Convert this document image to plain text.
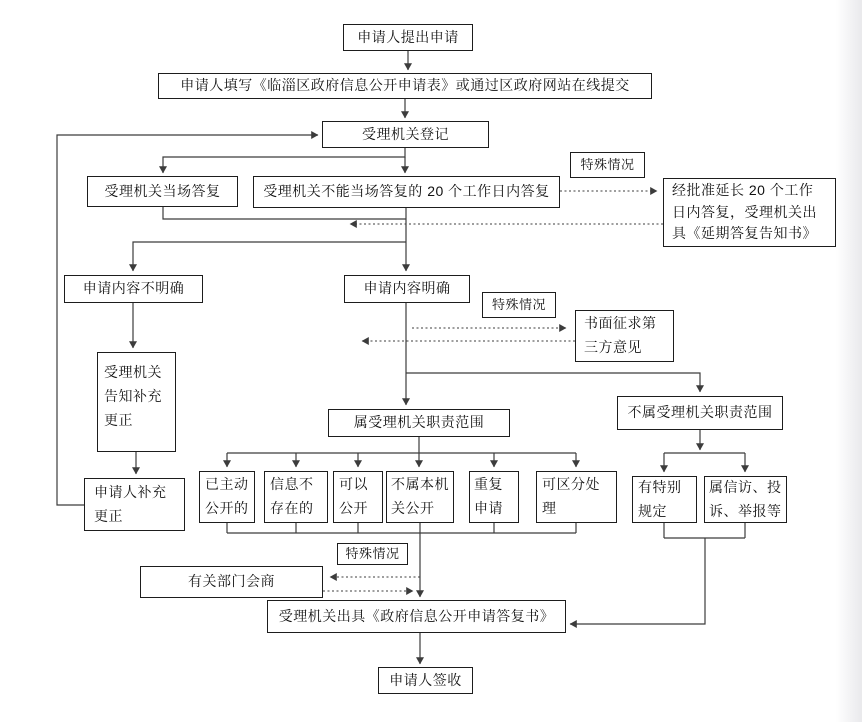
申请人提出申请
申请人填写《临淄区政府信息公开申请表》或通过区政府网站在线提交
受理机关登记
受理机关当场答复	受理机关不能当场答复的 20 个工作日内答复
特殊情况
经批准延长 20 个工作日内答复，受理机关出具《延期答复告知书》
申请内容不明确	申请内容明确
特殊情况
书面征求第三方意见
受理机关告知补充更正
申请人补充更正
属受理机关职责范围
不属受理机关职责范围
已主动公开的
信息不存在的
可以公开
不属本机关公开
重复申请
可区分处理
有特别规定
属信访、投诉、举报等
特殊情况
有关部门会商
受理机关出具《政府信息公开申请答复书》
申请人签收
